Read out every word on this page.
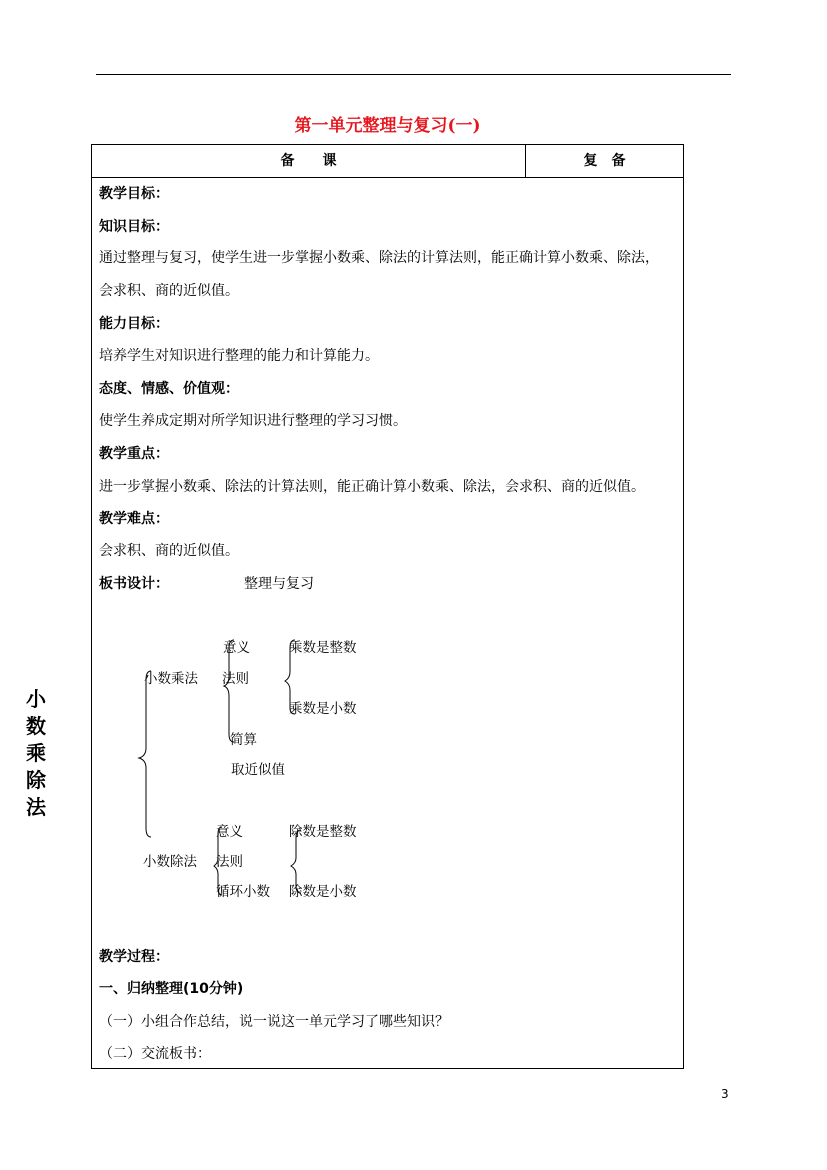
第一单元整理与复习(一)
备　　课	复　备
教学目标：
知识目标：
通过整理与复习，使学生进一步掌握小数乘、除法的计算法则，能正确计算小数乘、除法，
会求积、商的近似值。
能力目标：
培养学生对知识进行整理的能力和计算能力。
态度、情感、价值观：
使学生养成定期对所学知识进行整理的学习习惯。
教学重点：
进一步掌握小数乘、除法的计算法则，能正确计算小数乘、除法，会求积、商的近似值。
教学难点：
会求积、商的近似值。
板书设计：	整理与复习
小
数
乘
除
法
意义	乘数是整数
小数乘法 法则
乘数是小数
简算
取近似值
意义	除数是整数
小数除法 法则
循环小数 除数是小数
教学过程：
一、归纳整理(10分钟)
（一）小组合作总结，说一说这一单元学习了哪些知识？
（二）交流板书：
3
